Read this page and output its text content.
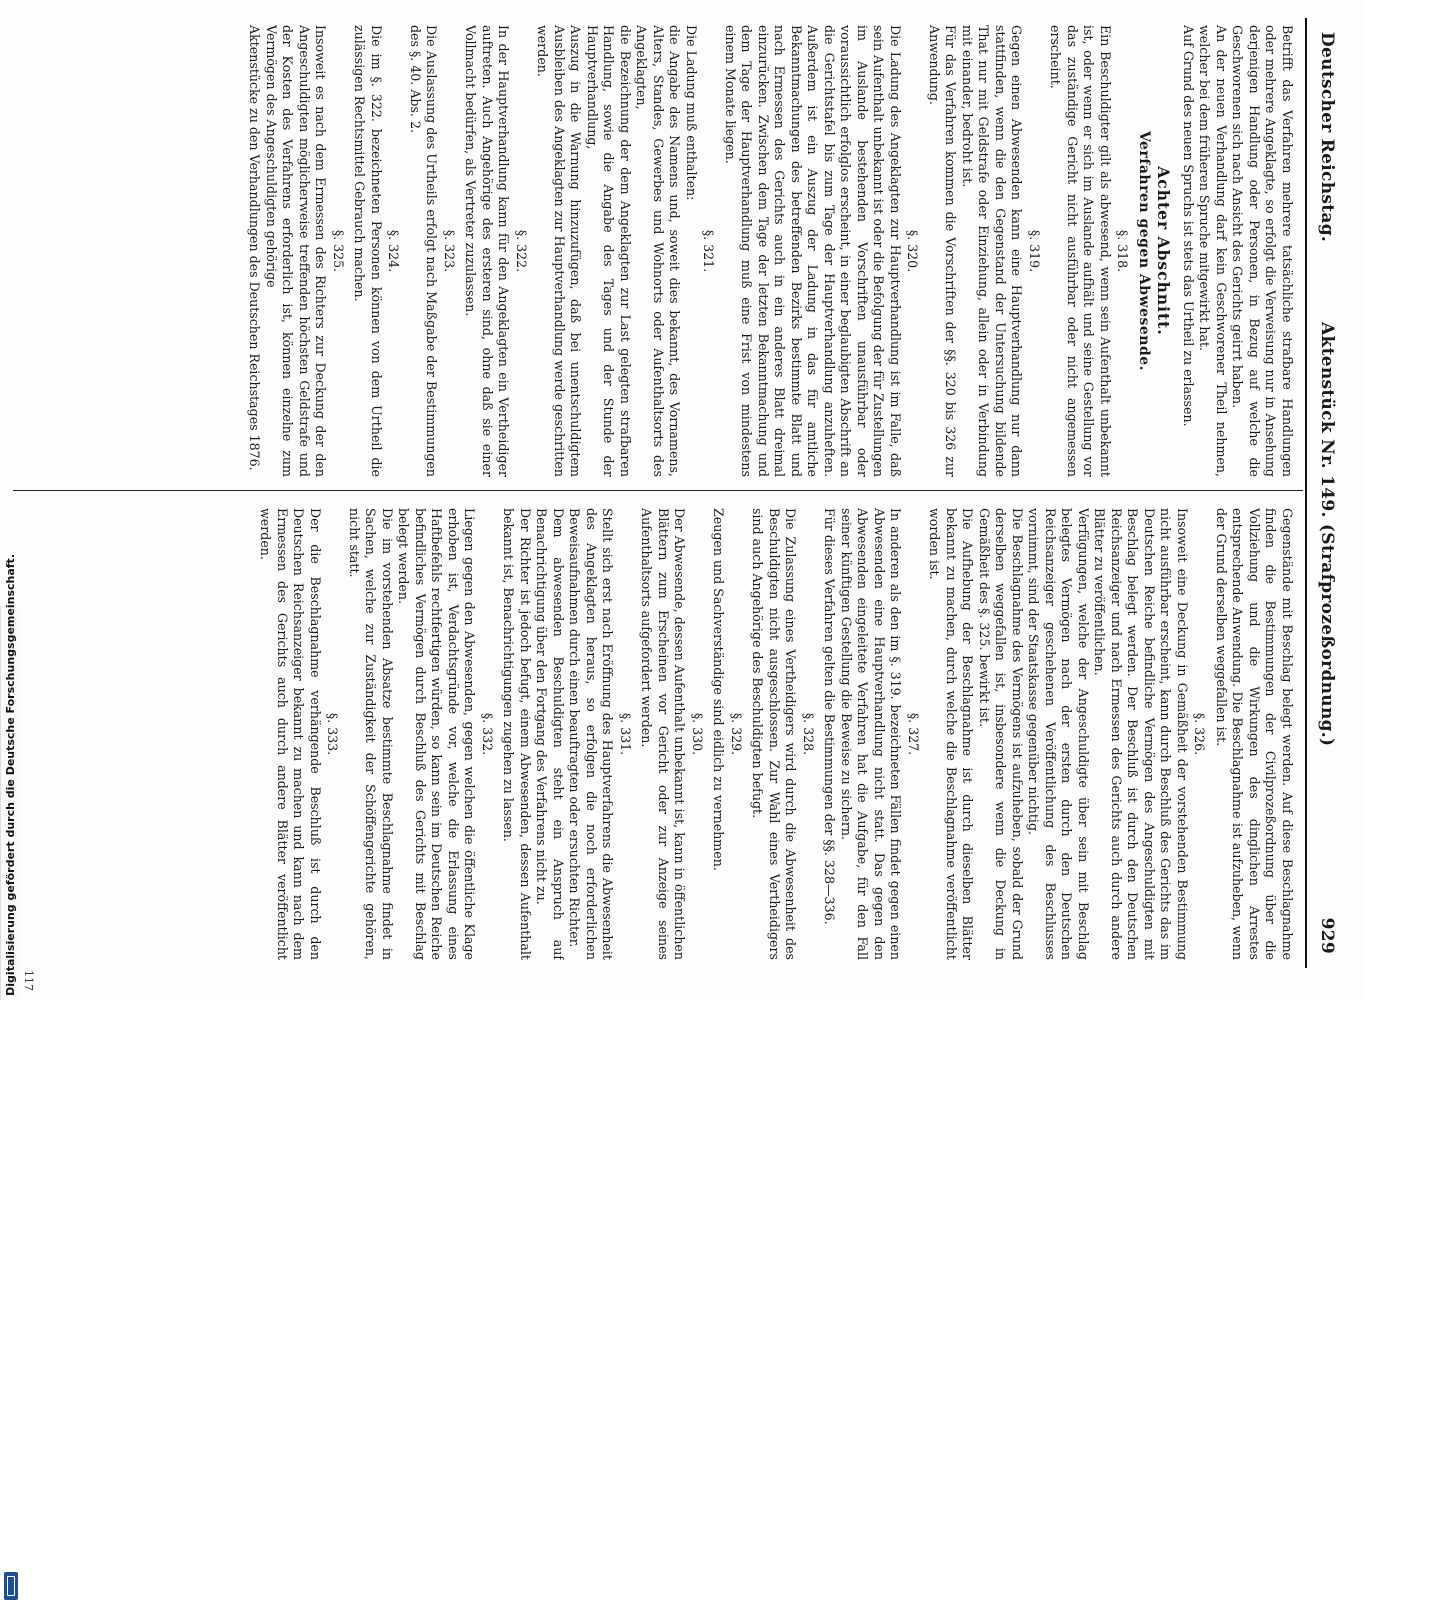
Deutscher Reichstag.
Aktenstück Nr. 149. (Strafprozeßordnung.)
929
Betrifft das Verfahren mehrere tatsächliche strafbare Handlungen oder mehrere Angeklagte, so erfolgt die Verweisung nur in Ansehung derjenigen Handlung oder Personen, in Bezug auf welche die Geschworenen sich nach Ansicht des Gerichts geirrt haben.
An der neuen Verhandlung darf kein Geschworener Theil nehmen, welcher bei dem früheren Spruche mitgewirkt hat.
Auf Grund des neuen Spruchs ist stets das Urtheil zu erlassen.
Achter Abschnitt.
Verfahren gegen Abwesende.
§. 318.
Ein Beschuldigter gilt als abwesend, wenn sein Aufenthalt unbekannt ist, oder wenn er sich im Auslande aufhält und seine Gestellung vor das zuständige Gericht nicht ausführbar oder nicht angemessen erscheint.
§. 319.
Gegen einen Abwesenden kann eine Hauptverhandlung nur dann stattfinden, wenn die den Gegenstand der Untersuchung bildende That nur mit Geldstrafe oder Einziehung, allein oder in Verbindung mit einander, bedroht ist.
Für das Verfahren kommen die Vorschriften der §§. 320 bis 326 zur Anwendung.
§. 320.
Die Ladung des Angeklagten zur Hauptverhandlung ist im Falle, daß sein Aufenthalt unbekannt ist oder die Befolgung der für Zustellungen im Auslande bestehenden Vorschriften unausführbar oder voraussichtlich erfolglos erscheint, in einer beglaubigten Abschrift an die Gerichtstafel bis zum Tage der Hauptverhandlung anzuheften. Außerdem ist ein Auszug der Ladung in das für amtliche Bekanntmachungen des betreffenden Bezirks bestimmte Blatt und nach Ermessen des Gerichts auch in ein anderes Blatt dreimal einzurücken. Zwischen dem Tage der letzten Bekanntmachung und dem Tage der Hauptverhandlung muß eine Frist von mindestens einem Monate liegen.
§. 321.
Die Ladung muß enthalten:
die Angabe des Namens und, soweit dies bekannt, des Vornamens, Alters, Standes, Gewerbes und Wohnorts oder Aufenthaltsorts des Angeklagten,
die Bezeichnung der dem Angeklagten zur Last gelegten strafbaren Handlung, sowie die Angabe des Tages und der Stunde der Hauptverhandlung,
Auszug in die Warnung hinzuzufügen, daß bei unentschuldigtem Ausbleiben des Angeklagten zur Hauptverhandlung werde geschritten werden.
§. 322.
In der Hauptverhandlung kann für den Angeklagten ein Vertheidiger auftreten. Auch Angehörige des ersteren sind, ohne daß sie einer Vollmacht bedürfen, als Vertreter zuzulassen.
§. 323.
Die Auslassung des Urtheils erfolgt nach Maßgabe der Bestimmungen des §. 40. Abs. 2.
§. 324.
Die im §. 322. bezeichneten Personen können von dem Urtheil die zulässigen Rechtsmittel Gebrauch machen.
§. 325.
Insoweit es nach dem Ermessen des Richters zur Deckung der den Angeschuldigten möglicherweise treffenden höchsten Geldstrafe und der Kosten des Verfahrens erforderlich ist, können einzelne zum Vermögen des Angeschuldigten gehörige
Aktenstücke zu den Verhandlungen des Deutschen Reichstages 1876.
Gegenstände mit Beschlag belegt werden. Auf diese Beschlagnahme finden die Bestimmungen der Civilprozeßordnung über die Vollziehung und die Wirkungen des dinglichen Arrestes entsprechende Anwendung. Die Beschlagnahme ist aufzuheben, wenn der Grund derselben weggefallen ist.
§. 326.
Insoweit eine Deckung in Gemäßheit der vorstehenden Bestimmung nicht ausführbar erscheint, kann durch Beschluß des Gerichts das im Deutschen Reiche befindliche Vermögen des Angeschuldigten mit Beschlag belegt werden. Der Beschluß ist durch den Deutschen Reichsanzeiger und nach Ermessen des Gerichts auch durch andere Blätter zu veröffentlichen.
Verfügungen, welche der Angeschuldigte über sein mit Beschlag belegtes Vermögen nach der ersten durch den Deutschen Reichsanzeiger geschehenen Veröffentlichung des Beschlusses vornimmt, sind der Staatskasse gegenüber nichtig.
Die Beschlagnahme des Vermögens ist aufzuheben, sobald der Grund derselben weggefallen ist, insbesondere wenn die Deckung in Gemäßheit des §. 325. bewirkt ist.
Die Aufhebung der Beschlagnahme ist durch dieselben Blätter bekannt zu machen, durch welche die Beschlagnahme veröffentlicht worden ist.
§. 327.
In anderen als den im §. 319. bezeichneten Fällen findet gegen einen Abwesenden eine Hauptverhandlung nicht statt. Das gegen den Abwesenden eingeleitete Verfahren hat die Aufgabe, für den Fall seiner künftigen Gestellung die Beweise zu sichern.
Für dieses Verfahren gelten die Bestimmungen der §§. 328—336.
§. 328.
Die Zulassung eines Vertheidigers wird durch die Abwesenheit des Beschuldigten nicht ausgeschlossen. Zur Wahl eines Vertheidigers sind auch Angehörige des Beschuldigten befugt.
§. 329.
Zeugen und Sachverständige sind eidlich zu vernehmen.
§. 330.
Der Abwesende, dessen Aufenthalt unbekannt ist, kann in öffentlichen Blättern zum Erscheinen vor Gericht oder zur Anzeige seines Aufenthaltsorts aufgefordert werden.
§. 331.
Stellt sich erst nach Eröffnung des Hauptverfahrens die Abwesenheit des Angeklagten heraus, so erfolgen die noch erforderlichen Beweisaufnahmen durch einen beauftragten oder ersuchten Richter.
Dem abwesenden Beschuldigten steht ein Anspruch auf Benachrichtigung über den Fortgang des Verfahrens nicht zu.
Der Richter ist jedoch befugt, einem Abwesenden, dessen Aufenthalt bekannt ist, Benachrichtigungen zugehen zu lassen.
§. 332.
Liegen gegen den Abwesenden, gegen welchen die öffentliche Klage erhoben ist, Verdachtsgründe vor, welche die Erlassung eines Haftbefehls rechtfertigen würden, so kann sein im Deutschen Reiche befindliches Vermögen durch Beschluß des Gerichts mit Beschlag belegt werden.
Die im vorstehenden Absatze bestimmte Beschlagnahme findet in Sachen, welche zur Zuständigkeit der Schöffengerichte gehören, nicht statt.
§. 333.
Der die Beschlagnahme verhängende Beschluß ist durch den Deutschen Reichsanzeiger bekannt zu machen und kann nach dem Ermessen des Gerichts auch durch andere Blätter veröffentlicht werden.
117
Digitalisierung gefördert durch die Deutsche Forschungsgemeinschaft.
